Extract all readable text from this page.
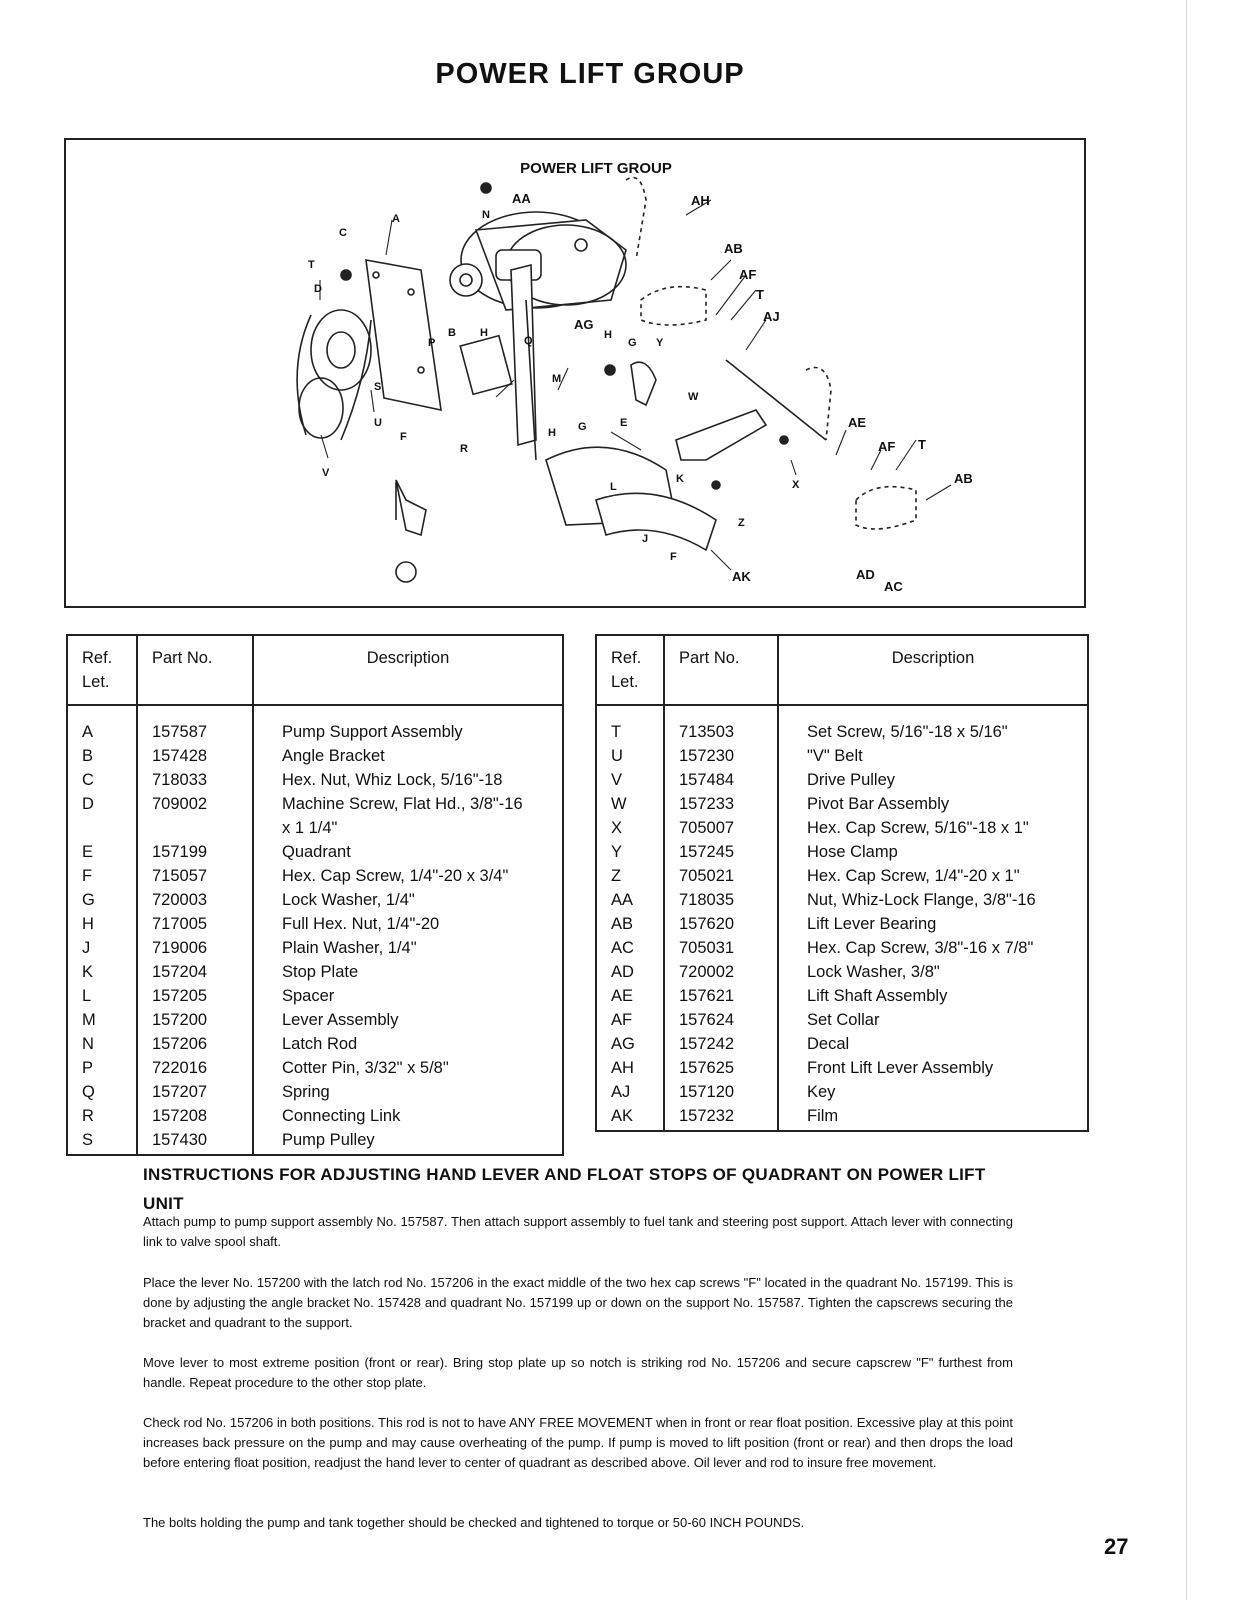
POWER LIFT GROUP
POWER LIFT GROUP
AA	AH
AB
AF
T
AJ
AG
H
G Y
W
AE
AF T
AB
X
Z
AK	AD
AC
C
A	N
T
D
P
B H
Q
M
S
U
F
R
H G	E
L
K
J
F
V
Ref.
Let.	Part No.	Description
A	157587	Pump Support Assembly
B	157428	Angle Bracket
C	718033	Hex. Nut, Whiz Lock, 5/16"-18
D	709002	Machine Screw, Flat Hd., 3/8"-16
		x 1 1/4"
E	157199	Quadrant
F	715057	Hex. Cap Screw, 1/4"-20 x 3/4"
G	720003	Lock Washer, 1/4"
H	717005	Full Hex. Nut, 1/4"-20
J	719006	Plain Washer, 1/4"
K	157204	Stop Plate
L	157205	Spacer
M	157200	Lever Assembly
N	157206	Latch Rod
P	722016	Cotter Pin, 3/32" x 5/8"
Q	157207	Spring
R	157208	Connecting Link
S	157430	Pump Pulley
Ref.
Let.	Part No.	Description
T	713503	Set Screw, 5/16"-18 x 5/16"
U	157230	"V" Belt
V	157484	Drive Pulley
W	157233	Pivot Bar Assembly
X	705007	Hex. Cap Screw, 5/16"-18 x 1"
Y	157245	Hose Clamp
Z	705021	Hex. Cap Screw, 1/4"-20 x 1"
AA	718035	Nut, Whiz-Lock Flange, 3/8"-16
AB	157620	Lift Lever Bearing
AC	705031	Hex. Cap Screw, 3/8"-16 x 7/8"
AD	720002	Lock Washer, 3/8"
AE	157621	Lift Shaft Assembly
AF	157624	Set Collar
AG	157242	Decal
AH	157625	Front Lift Lever Assembly
AJ	157120	Key
AK	157232	Film
INSTRUCTIONS FOR ADJUSTING HAND LEVER AND FLOAT STOPS OF QUADRANT ON POWER LIFT UNIT

Attach pump to pump support assembly No. 157587. Then attach support assembly to fuel tank and steering post support. Attach lever with connecting link to valve spool shaft.

Place the lever No. 157200 with the latch rod No. 157206 in the exact middle of the two hex cap screws "F" located in the quadrant No. 157199. This is done by adjusting the angle bracket No. 157428 and quadrant No. 157199 up or down on the support No. 157587. Tighten the capscrews securing the bracket and quadrant to the support.

Move lever to most extreme position (front or rear). Bring stop plate up so notch is striking rod No. 157206 and secure capscrew "F" furthest from handle. Repeat procedure to the other stop plate.

Check rod No. 157206 in both positions. This rod is not to have ANY FREE MOVEMENT when in front or rear float position. Excessive play at this point increases back pressure on the pump and may cause overheating of the pump. If pump is moved to lift position (front or rear) and then drops the load before entering float position, readjust the hand lever to center of quadrant as described above. Oil lever and rod to insure free movement.

The bolts holding the pump and tank together should be checked and tightened to torque or 50-60 INCH POUNDS.

27
